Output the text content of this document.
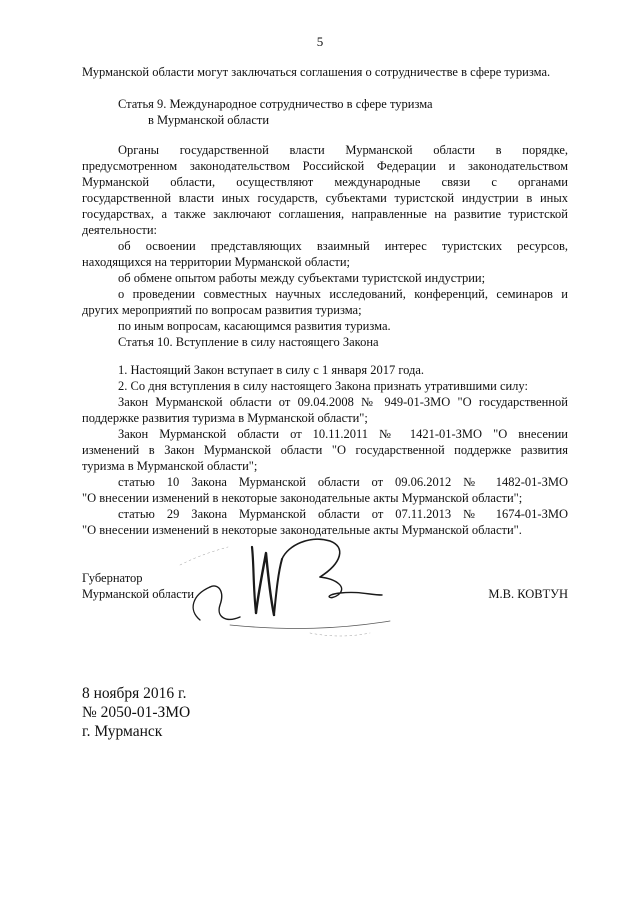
5
Мурманской области могут заключаться соглашения о сотрудничестве в сфере туризма.
Статья 9. Международное сотрудничество в сфере туризма
в Мурманской области
Органы государственной власти Мурманской области в порядке,
предусмотренном законодательством Российской Федерации и законодательством
Мурманской области, осуществляют международные связи с органами
государственной власти иных государств, субъектами туристской индустрии в иных
государствах, а также заключают соглашения, направленные на развитие туристской
деятельности:
об освоении представляющих взаимный интерес туристских ресурсов,
находящихся на территории Мурманской области;
об обмене опытом работы между субъектами туристской индустрии;
о проведении совместных научных исследований, конференций, семинаров и
других мероприятий по вопросам развития туризма;
по иным вопросам, касающимся развития туризма.
Статья 10. Вступление в силу настоящего Закона
1. Настоящий Закон вступает в силу с 1 января 2017 года.
2. Со дня вступления в силу настоящего Закона признать утратившими силу:
Закон Мурманской области от 09.04.2008 № 949-01-ЗМО "О государственной
поддержке развития туризма в Мурманской области";
Закон Мурманской области от 10.11.2011 № 1421-01-ЗМО "О внесении
изменений в Закон Мурманской области "О государственной поддержке развития
туризма в Мурманской области";
статью 10 Закона Мурманской области от 09.06.2012 № 1482-01-ЗМО
"О внесении изменений в некоторые законодательные акты Мурманской области";
статью 29 Закона Мурманской области от 07.11.2013 № 1674-01-ЗМО
"О внесении изменений в некоторые законодательные акты Мурманской области".
Губернатор
Мурманской области	М.В. КОВТУН
8 ноября 2016 г.
№ 2050-01-ЗМО
г. Мурманск
